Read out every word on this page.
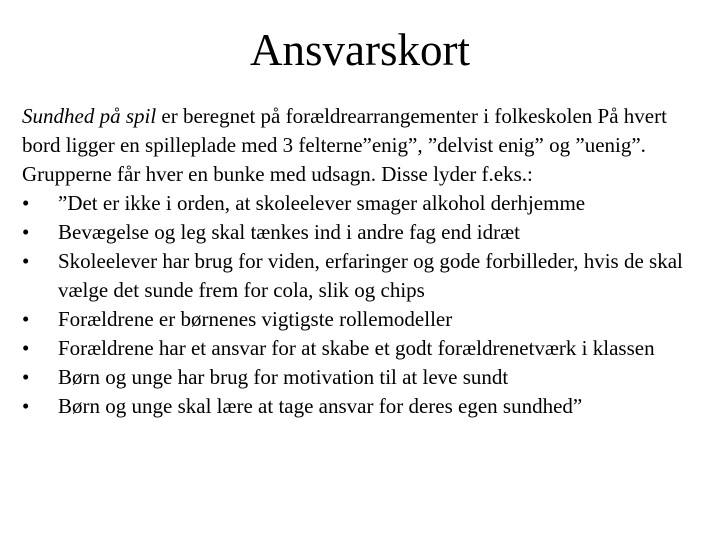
Ansvarskort

Sundhed på spil er beregnet på forældrearrangementer i folkeskolen På hvert bord ligger en spilleplade med 3 felterne”enig”, ”delvist enig” og ”uenig”. Grupperne får hver en bunke med udsagn. Disse lyder f.eks.:

•	”Det er ikke i orden, at skoleelever smager alkohol derhjemme
•	Bevægelse og leg skal tænkes ind i andre fag end idræt
•	Skoleelever har brug for viden, erfaringer og gode forbilleder, hvis de skal vælge det sunde frem for cola, slik og chips
•	Forældrene er børnenes vigtigste rollemodeller
•	Forældrene har et ansvar for at skabe et godt forældrenetværk i klassen
•	Børn og unge har brug for motivation til at leve sundt
•	Børn og unge skal lære at tage ansvar for deres egen sundhed”
